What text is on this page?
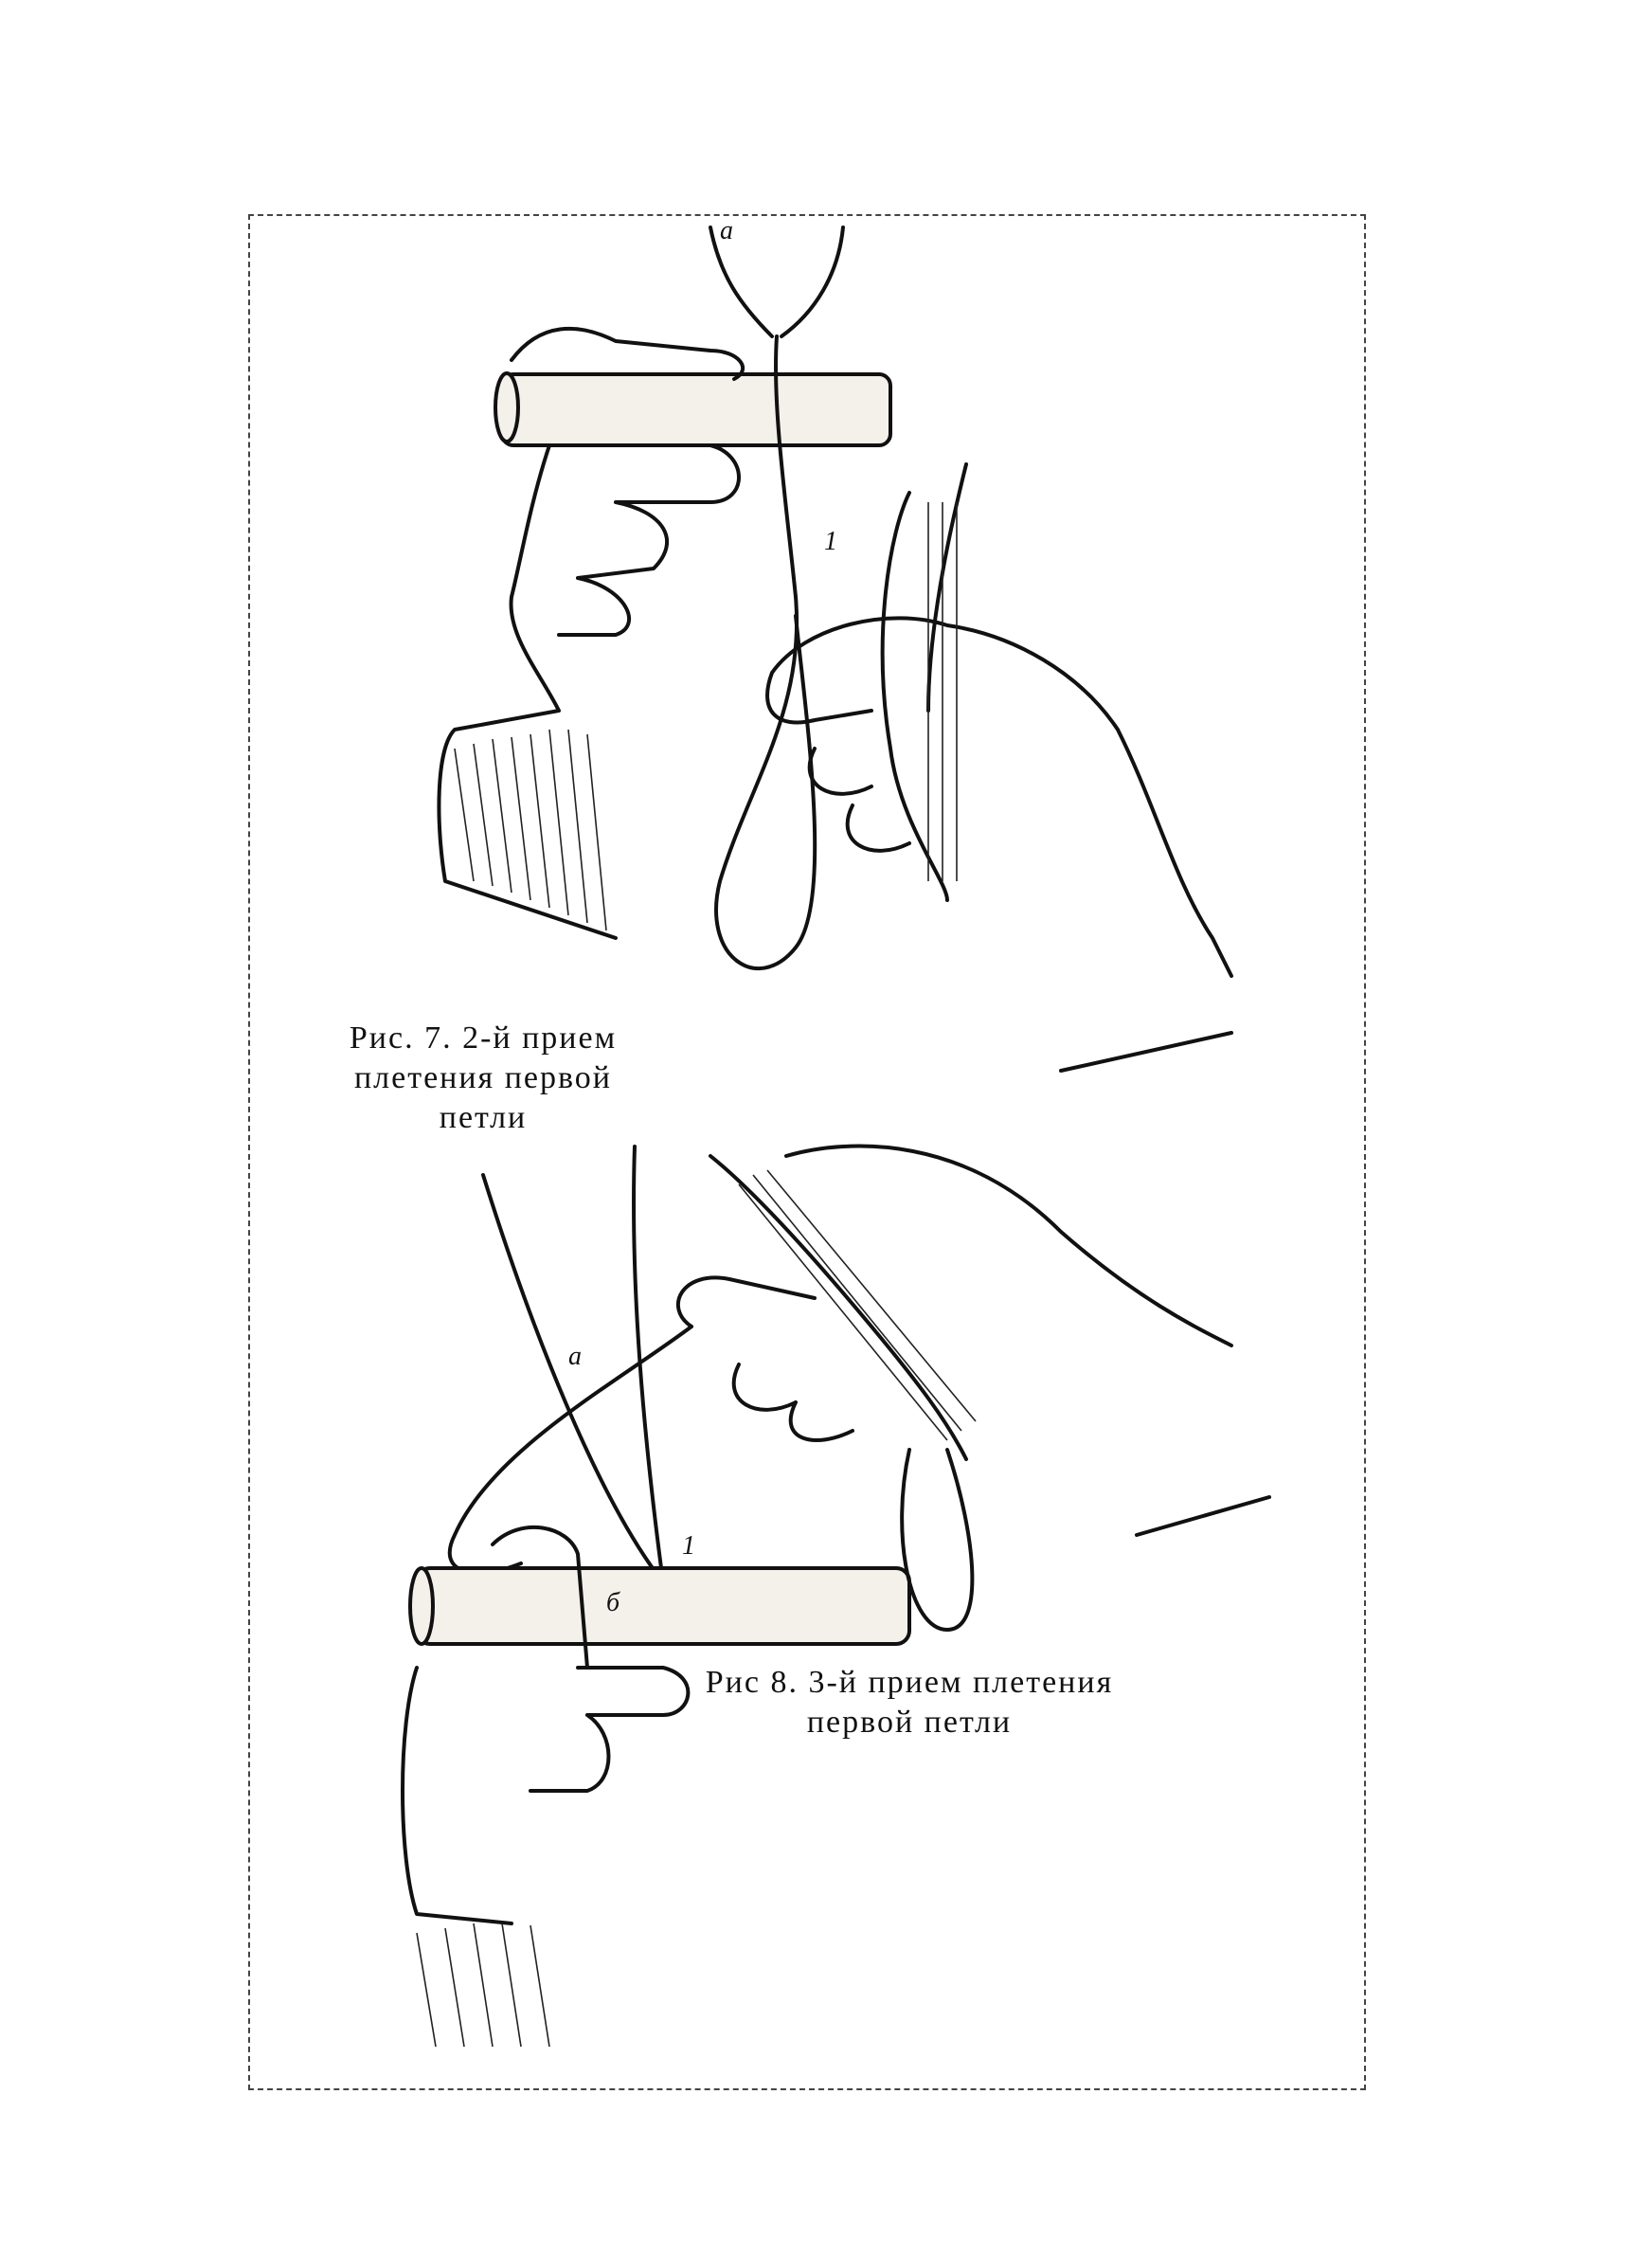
а
1
Рис. 7. 2-й прием
плетения первой петли
а
1
б
Рис 8. 3-й прием плетения
первой петли
